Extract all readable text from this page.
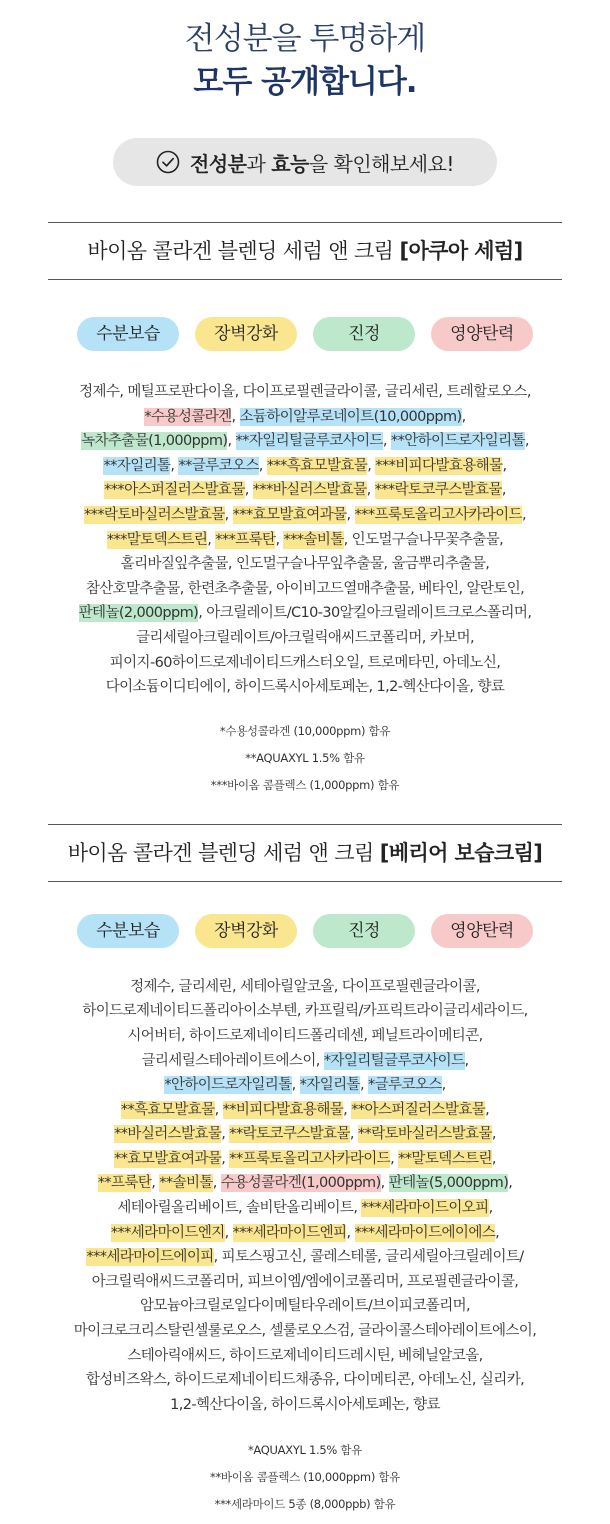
전성분을 투명하게
모두 공개합니다.
전성분과 효능을 확인해보세요!
바이옴 콜라겐 블렌딩 세럼 앤 크림 [아쿠아 세럼]
수분보습	장벽강화	진정	영양탄력
정제수, 메틸프로판다이올, 다이프로필렌글라이콜, 글리세린, 트레할로오스,
*수용성콜라겐, 소듐하이알루로네이트(10,000ppm),
녹차추출물(1,000ppm), **자일리틸글루코사이드, **안하이드로자일리톨,
**자일리톨, **글루코오스, ***흑효모발효물, ***비피다발효용해물,
***아스퍼질러스발효물, ***바실러스발효물, ***락토코쿠스발효물,
***락토바실러스발효물, ***효모발효여과물, ***프룩토올리고사카라이드,
***말토덱스트린, ***프룩탄, ***솔비톨, 인도멀구슬나무꽃추출물,
홀리바질잎추출물, 인도멀구슬나무잎추출물, 울금뿌리추출물,
참산호말추출물, 한련초추출물, 아이비고드열매추출물, 베타인, 알란토인,
판테놀(2,000ppm), 아크릴레이트/C10-30알킬아크릴레이트크로스폴리머,
글리세릴아크릴레이트/아크릴릭애씨드코폴리머, 카보머,
피이지-60하이드로제네이티드캐스터오일, 트로메타민, 아데노신,
다이소듐이디티에이, 하이드록시아세토페논, 1,2-헥산다이올, 향료
*수용성콜라겐 (10,000ppm) 함유
**AQUAXYL 1.5% 함유
***바이옴 콤플렉스 (1,000ppm) 함유
바이옴 콜라겐 블렌딩 세럼 앤 크림 [베리어 보습크림]
수분보습	장벽강화	진정	영양탄력
정제수, 글리세린, 세테아릴알코올, 다이프로필렌글라이콜,
하이드로제네이티드폴리아이소부텐, 카프릴릭/카프릭트라이글리세라이드,
시어버터, 하이드로제네이티드폴리데센, 페닐트라이메티콘,
글리세릴스테아레이트에스이, *자일리틸글루코사이드,
*안하이드로자일리톨, *자일리톨, *글루코오스,
**흑효모발효물, **비피다발효용해물, **아스퍼질러스발효물,
**바실러스발효물, **락토코쿠스발효물, **락토바실러스발효물,
**효모발효여과물, **프룩토올리고사카라이드, **말토덱스트린,
**프룩탄, **솔비톨, 수용성콜라겐(1,000ppm), 판테놀(5,000ppm),
세테아릴올리베이트, 솔비탄올리베이트, ***세라마이드이오피,
***세라마이드엔지, ***세라마이드엔피, ***세라마이드에이에스,
***세라마이드에이피, 피토스핑고신, 콜레스테롤, 글리세릴아크릴레이트/
아크릴릭애씨드코폴리머, 피브이엠/엠에이코폴리머, 프로필렌글라이콜,
암모늄아크릴로일다이메틸타우레이트/브이피코폴리머,
마이크로크리스탈린셀룰로오스, 셀룰로오스검, 글라이콜스테아레이트에스이,
스테아릭애씨드, 하이드로제네이티드레시틴, 베헤닐알코올,
합성비즈왁스, 하이드로제네이티드채종유, 다이메티콘, 아데노신, 실리카,
1,2-헥산다이올, 하이드록시아세토페논, 향료
*AQUAXYL 1.5% 함유
**바이옴 콤플렉스 (10,000ppm) 함유
***세라마이드 5종 (8,000ppb) 함유
